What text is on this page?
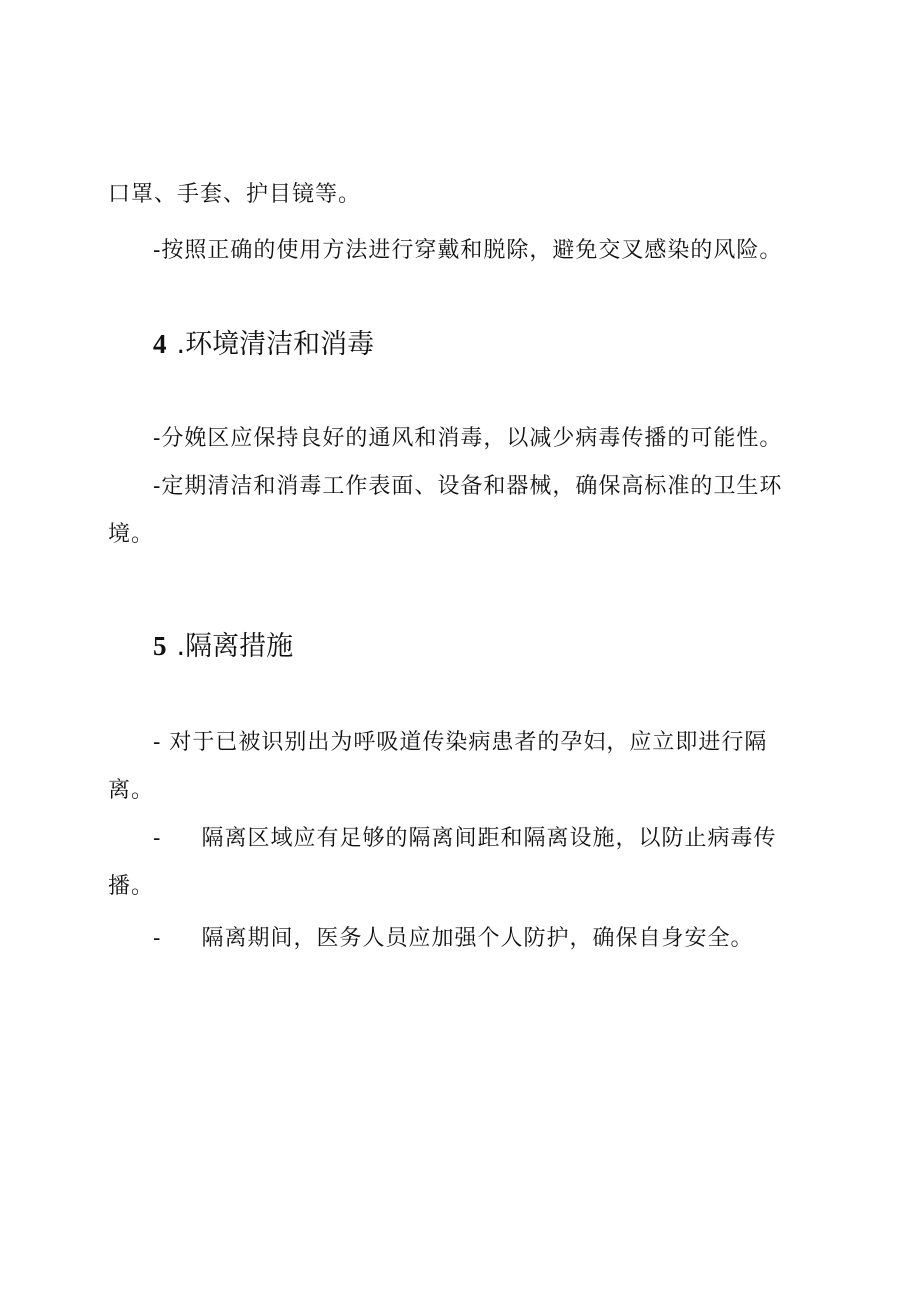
口罩、手套、护目镜等。
-按照正确的使用方法进行穿戴和脱除，避免交叉感染的风险。
4 .环境清洁和消毒
-分娩区应保持良好的通风和消毒，以减少病毒传播的可能性。
-定期清洁和消毒工作表面、设备和器械，确保高标准的卫生环
境。
5 .隔离措施
- 对于已被识别出为呼吸道传染病患者的孕妇，应立即进行隔
离。
- 隔离区域应有足够的隔离间距和隔离设施，以防止病毒传
播。
- 隔离期间，医务人员应加强个人防护，确保自身安全。
